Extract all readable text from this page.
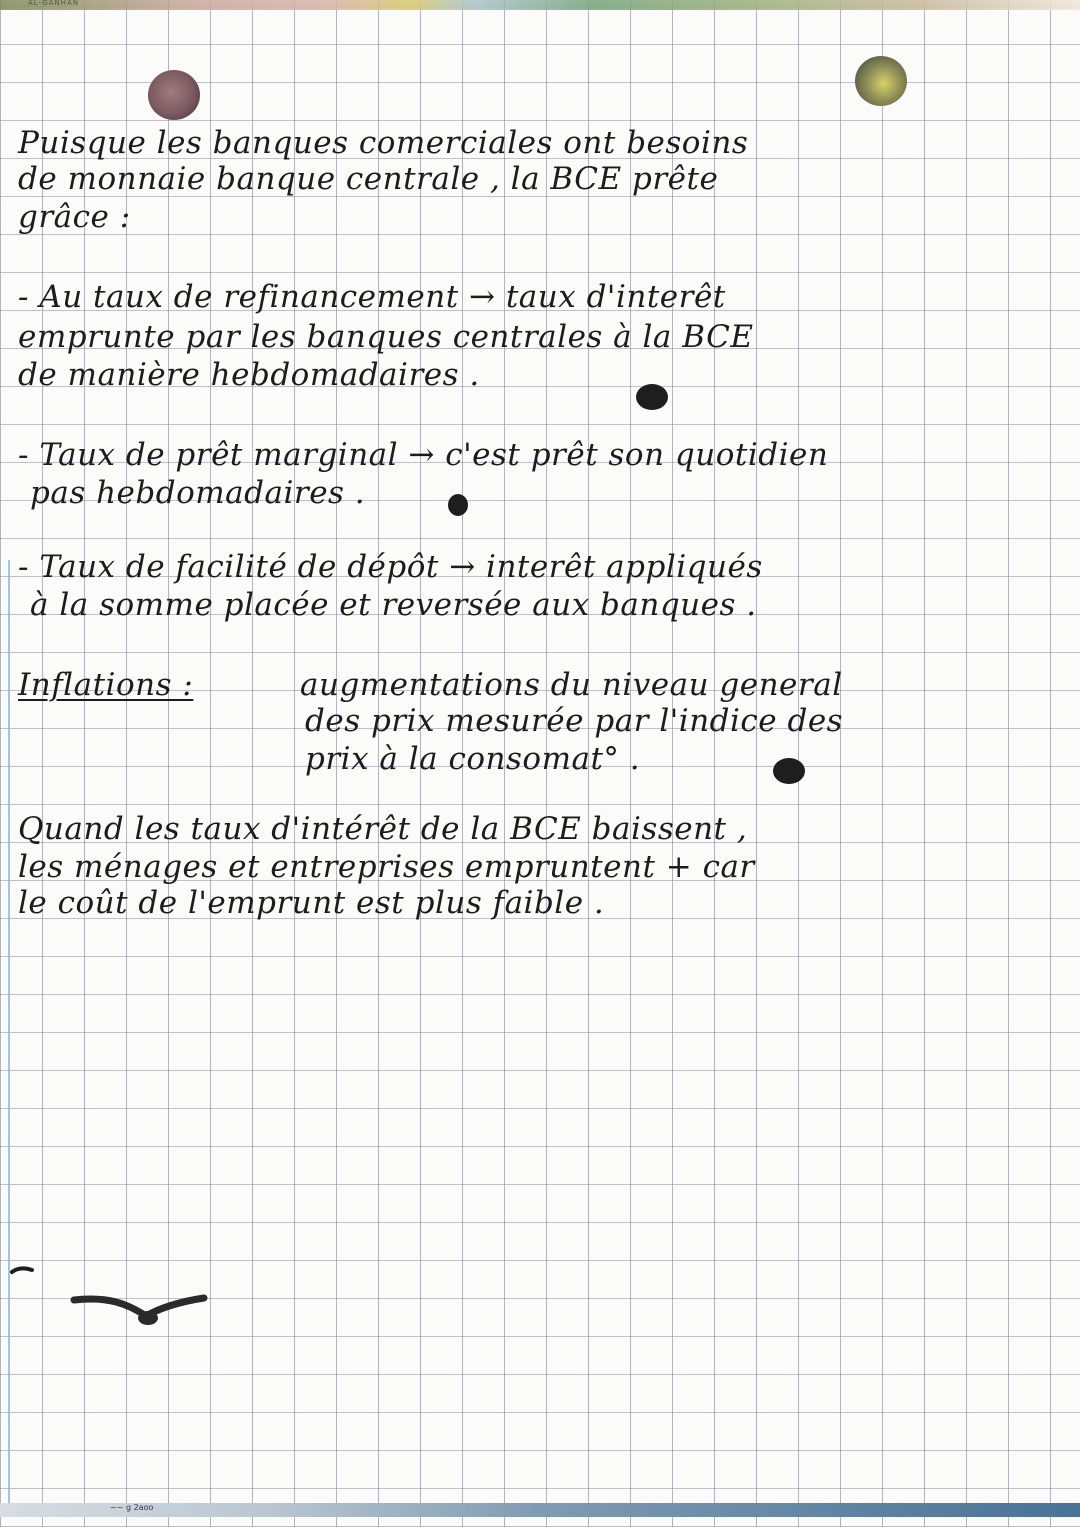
AL-GANHAN
Puisque les banques comerciales ont besoins
de monnaie banque centrale , la BCE prête
grâce :
- Au taux de refinancement → taux d'interêt
emprunte par les banques centrales à la BCE
de manière hebdomadaires .
- Taux de prêt marginal → c'est prêt son quotidien
pas hebdomadaires .
- Taux de facilité de dépôt → interêt appliqués
à la somme placée et reversée aux banques .
Inflations :	augmentations du niveau general
des prix mesurée par l'indice des
prix à la consomat° .
Quand les taux d'intérêt de la BCE baissent ,
les ménages et entreprises empruntent + car
le coût de l'emprunt est plus faible .
~~ g 2aoo
